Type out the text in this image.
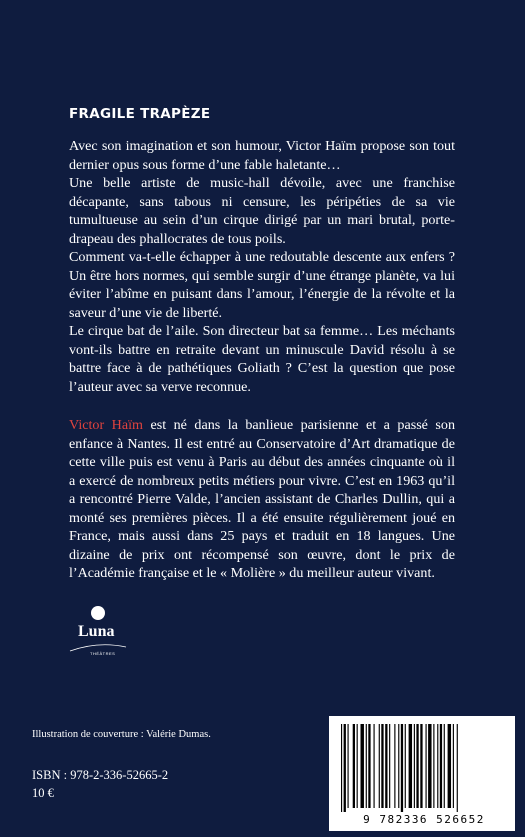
FRAGILE TRAPÈZE

Avec son imagination et son humour, Victor Haïm propose son tout dernier opus sous forme d’une fable haletante…

Une belle artiste de music-hall dévoile, avec une franchise décapante, sans tabous ni censure, les péripéties de sa vie tumultueuse au sein d’un cirque dirigé par un mari brutal, porte-drapeau des phallocrates de tous poils.

Comment va-t-elle échapper à une redoutable descente aux enfers ? Un être hors normes, qui semble surgir d’une étrange planète, va lui éviter l’abîme en puisant dans l’amour, l’énergie de la révolte et la saveur d’une vie de liberté.

Le cirque bat de l’aile. Son directeur bat sa femme… Les méchants vont-ils battre en retraite devant un minuscule David résolu à se battre face à de pathétiques Goliath ? C’est la question que pose l’auteur avec sa verve reconnue.

Victor Haïm est né dans la banlieue parisienne et a passé son enfance à Nantes. Il est entré au Conservatoire d’Art dramatique de cette ville puis est venu à Paris au début des années cinquante où il a exercé de nombreux petits métiers pour vivre. C’est en 1963 qu’il a rencontré Pierre Valde, l’ancien assistant de Charles Dullin, qui a monté ses premières pièces. Il a été ensuite régulièrement joué en France, mais aussi dans 25 pays et traduit en 18 langues. Une dizaine de prix ont récompensé son œuvre, dont le prix de l’Académie française et le « Molière » du meilleur auteur vivant.

Luna
THÉÂTRES
Illustration de couverture : Valérie Dumas.
ISBN : 978-2-336-52665-2
10 €
9 782336 526652
